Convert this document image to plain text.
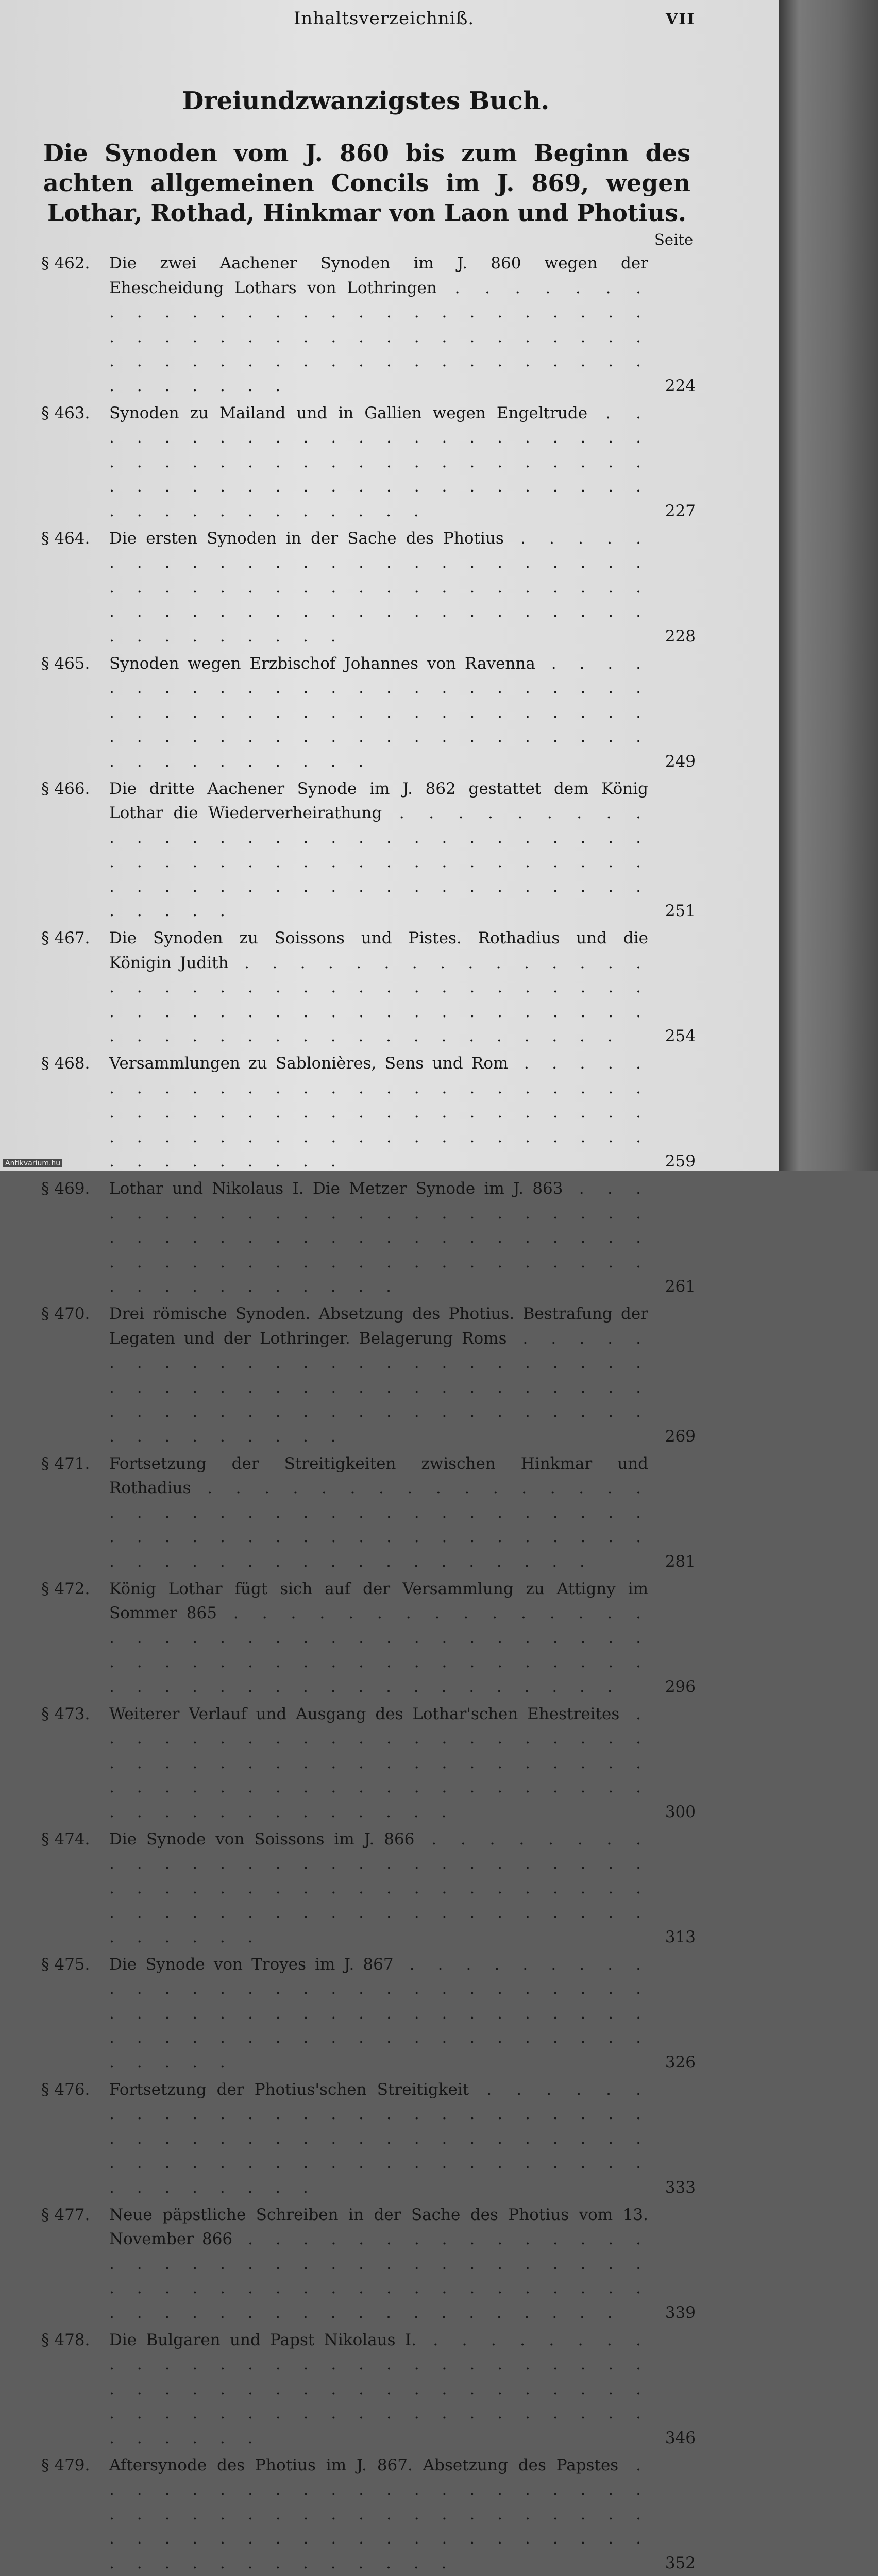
Inhaltsverzeichniß.	VII
Dreiundzwanzigstes Buch.
Die Synoden vom J. 860 bis zum Beginn des achten allgemeinen Concils im J. 869, wegen Lothar, Rothad, Hinkmar von Laon und Photius.
Seite
§ 462.	Die zwei Aachener Synoden im J. 860 wegen der Ehescheidung Lothars von Lothringen . . .
224
§ 463.	Synoden zu Mailand und in Gallien wegen Engeltrude . . .
227
§ 464.	Die ersten Synoden in der Sache des Photius . . .
228
§ 465.	Synoden wegen Erzbischof Johannes von Ravenna . . .
249
§ 466.	Die dritte Aachener Synode im J. 862 gestattet dem König Lothar die Wiederverheirathung . . .
251
§ 467.	Die Synoden zu Soissons und Pistes. Rothadius und die Königin Judith . . .
254
§ 468.	Versammlungen zu Sablonières, Sens und Rom . . .
259
§ 469.	Lothar und Nikolaus I. Die Metzer Synode im J. 863 . . .
261
§ 470.	Drei römische Synoden. Absetzung des Photius. Bestrafung der Legaten und der Lothringer. Belagerung Roms . . .
269
§ 471.	Fortsetzung der Streitigkeiten zwischen Hinkmar und Rothadius . . .
281
§ 472.	König Lothar fügt sich auf der Versammlung zu Attigny im Sommer 865 . . .
296
§ 473.	Weiterer Verlauf und Ausgang des Lothar'schen Ehestreites . . .
300
§ 474.	Die Synode von Soissons im J. 866 . . .
313
§ 475.	Die Synode von Troyes im J. 867 . . .
326
§ 476.	Fortsetzung der Photius'schen Streitigkeit . . .
333
§ 477.	Neue päpstliche Schreiben in der Sache des Photius vom 13. November 866 . . .
339
§ 478.	Die Bulgaren und Papst Nikolaus I. . . .
346
§ 479.	Aftersynode des Photius im J. 867. Absetzung des Papstes . . .
352
Antikvarium.hu
